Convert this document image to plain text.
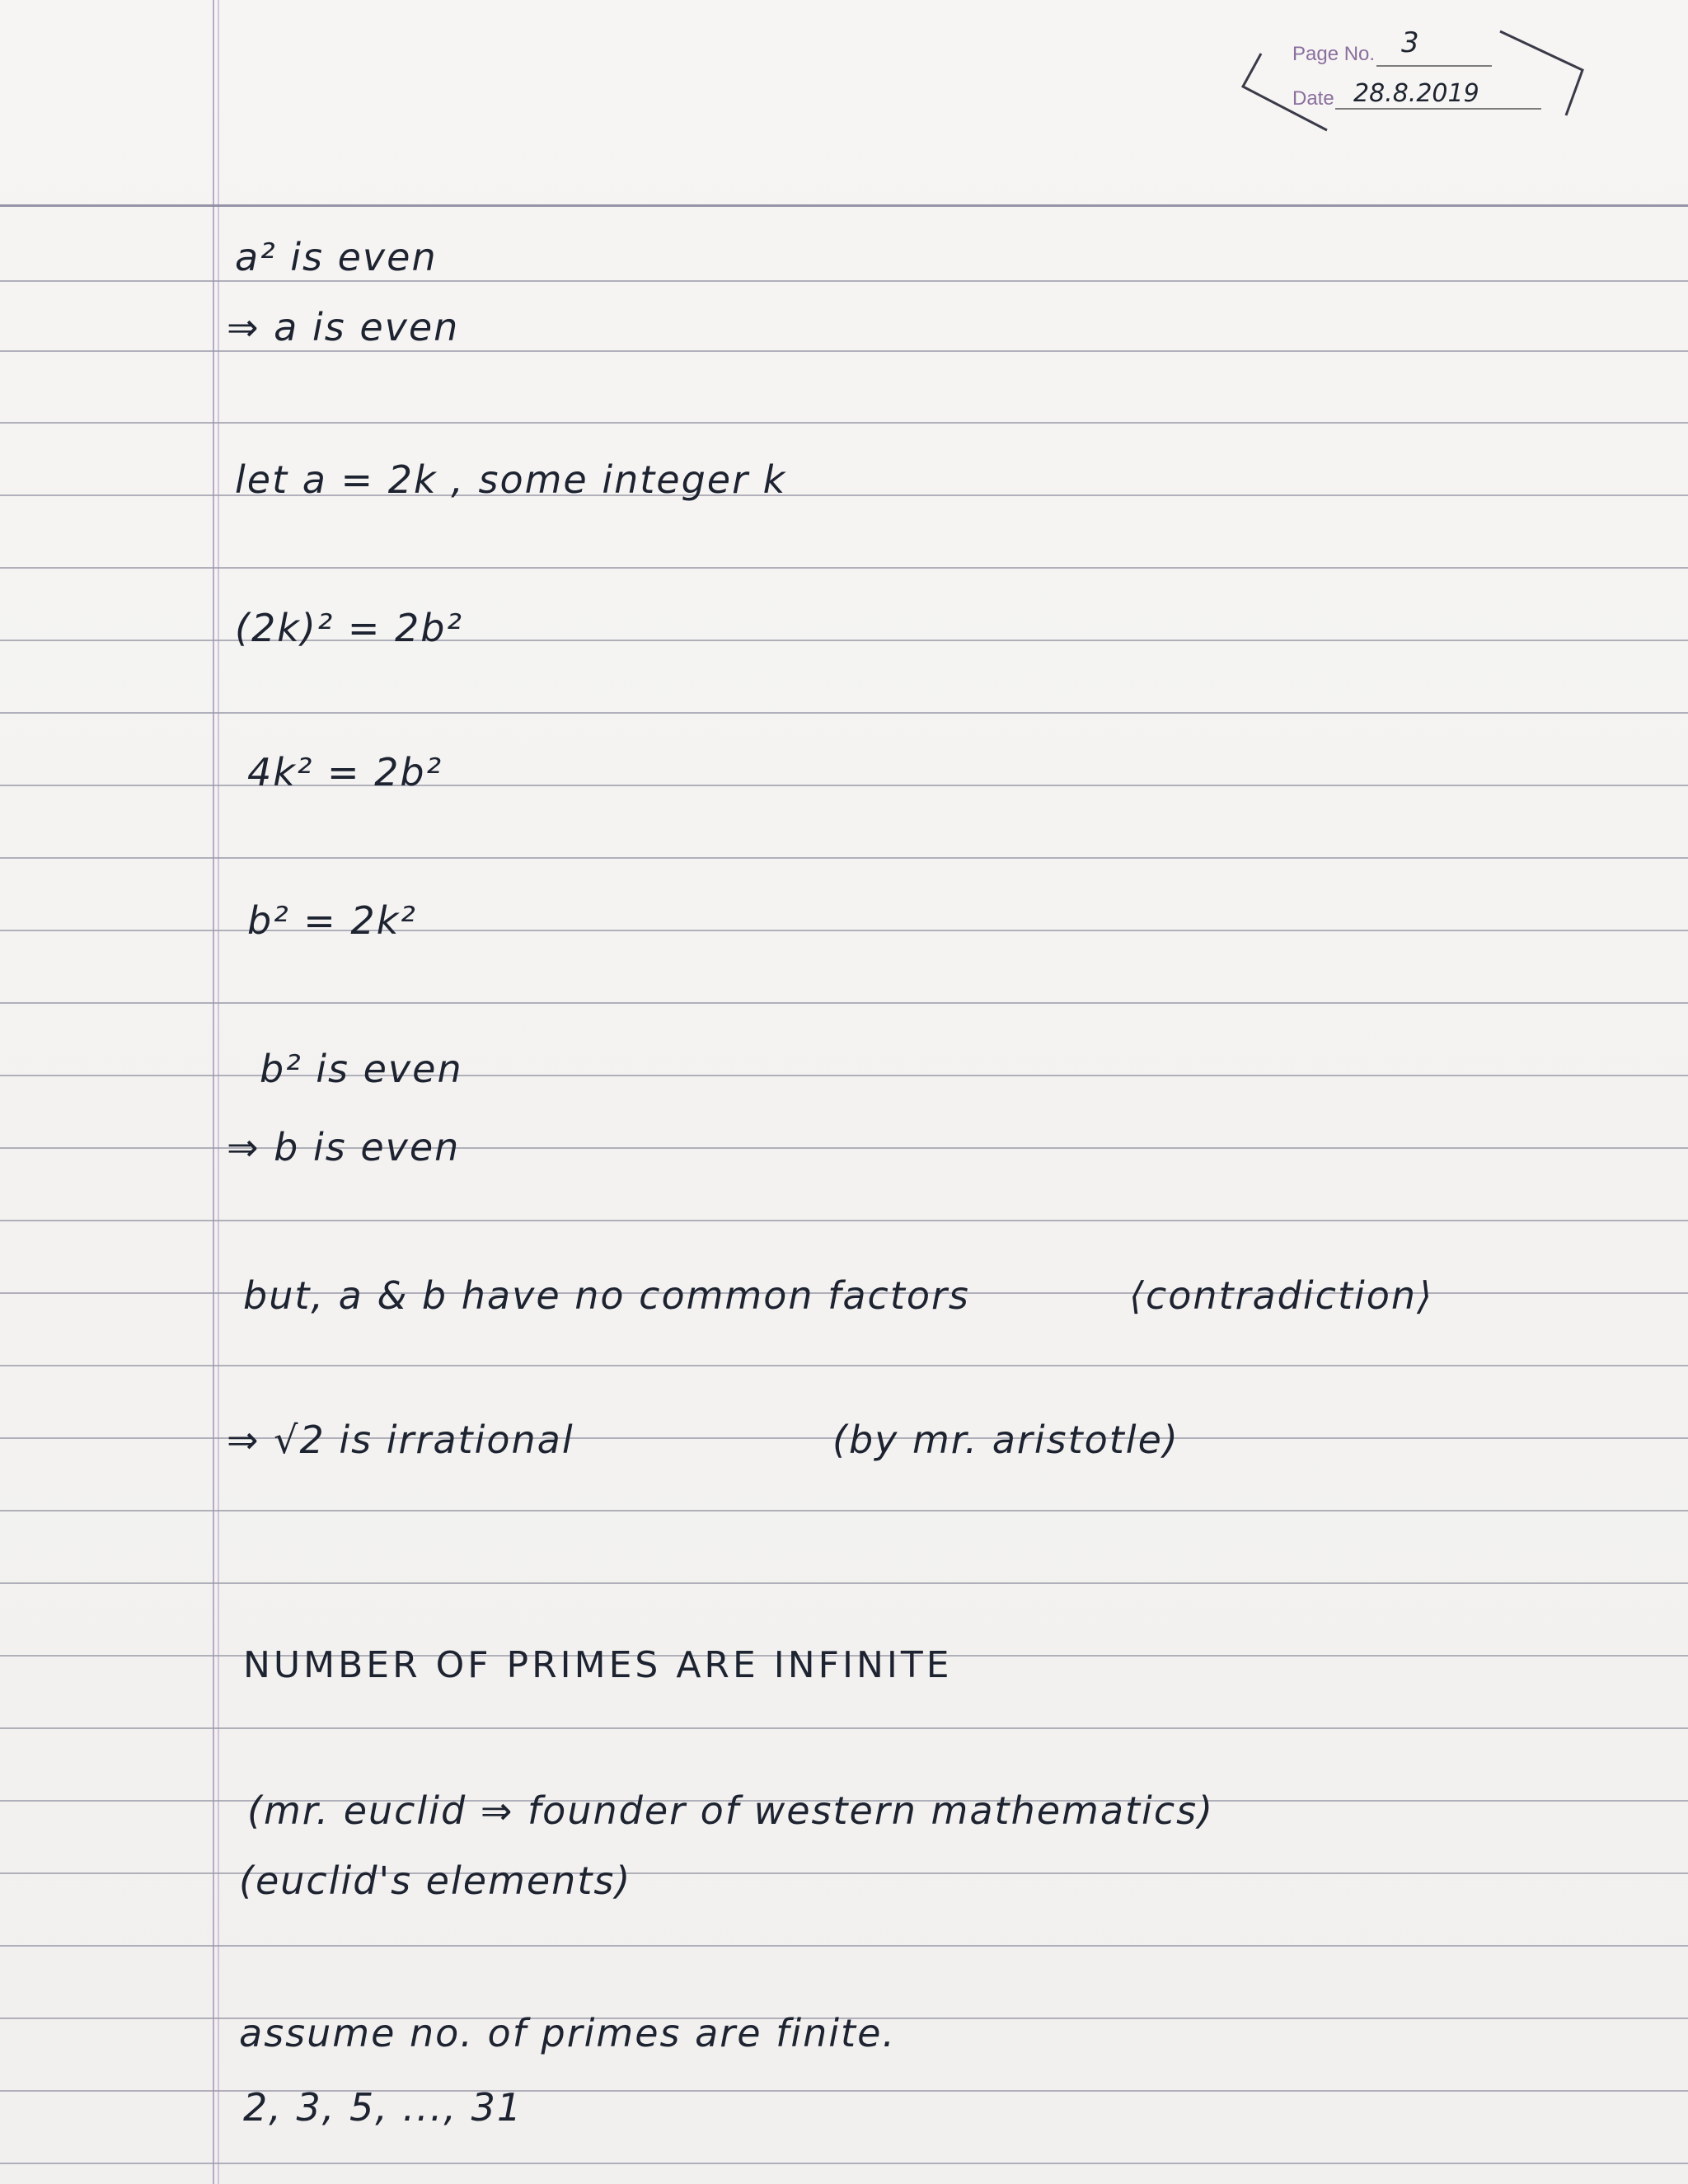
Page No. 3
Date 28.8.2019
a² is even
⇒ a is even
let a = 2k , some integer k
(2k)² = 2b²
4k² = 2b²
b² = 2k²
b² is even
⇒ b is even
but, a & b have no common factors	⟨contradiction⟩
⇒ √2 is irrational	(by mr. aristotle)
NUMBER OF PRIMES ARE INFINITE
(mr. euclid ⇒ founder of western mathematics)
(euclid's elements)
assume no. of primes are finite.
2, 3, 5, ..., 31
